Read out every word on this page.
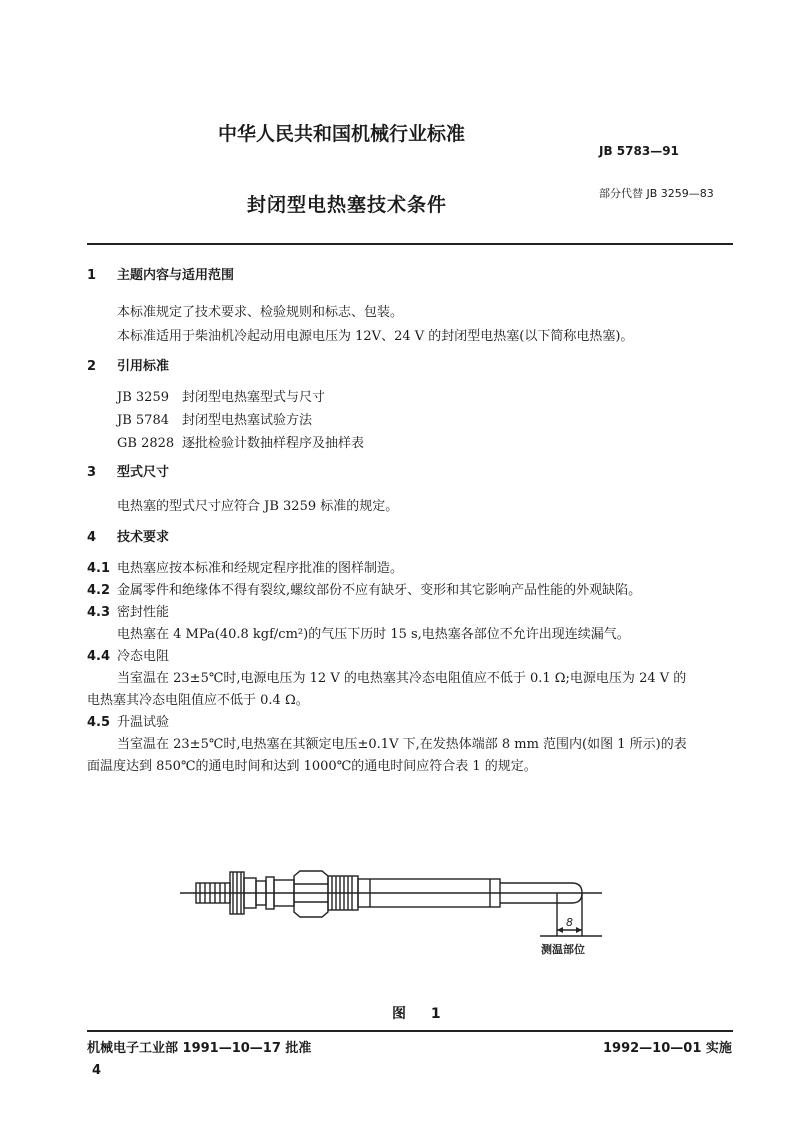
中华人民共和国机械行业标准
JB 5783—91
封闭型电热塞技术条件
部分代替 JB 3259—83
1 主题内容与适用范围
本标准规定了技术要求、检验规则和标志、包装。
本标准适用于柴油机冷起动用电源电压为 12V、24 V 的封闭型电热塞(以下简称电热塞)。
2 引用标准
JB 3259 封闭型电热塞型式与尺寸
JB 5784 封闭型电热塞试验方法
GB 2828 逐批检验计数抽样程序及抽样表
3 型式尺寸
电热塞的型式尺寸应符合 JB 3259 标准的规定。
4 技术要求
4.1 电热塞应按本标准和经规定程序批准的图样制造。
4.2 金属零件和绝缘体不得有裂纹,螺纹部份不应有缺牙、变形和其它影响产品性能的外观缺陷。
4.3 密封性能
电热塞在 4 MPa(40.8 kgf/cm²)的气压下历时 15 s,电热塞各部位不允许出现连续漏气。
4.4 冷态电阻
当室温在 23±5℃时,电源电压为 12 V 的电热塞其冷态电阻值应不低于 0.1 Ω;电源电压为 24 V 的
电热塞其冷态电阻值应不低于 0.4 Ω。
4.5 升温试验
当室温在 23±5℃时,电热塞在其额定电压±0.1V 下,在发热体端部 8 mm 范围内(如图 1 所示)的表
面温度达到 850℃的通电时间和达到 1000℃的通电时间应符合表 1 的规定。
8
测温部位
图 1
机械电子工业部 1991—10—17 批准	1992—10—01 实施
4
